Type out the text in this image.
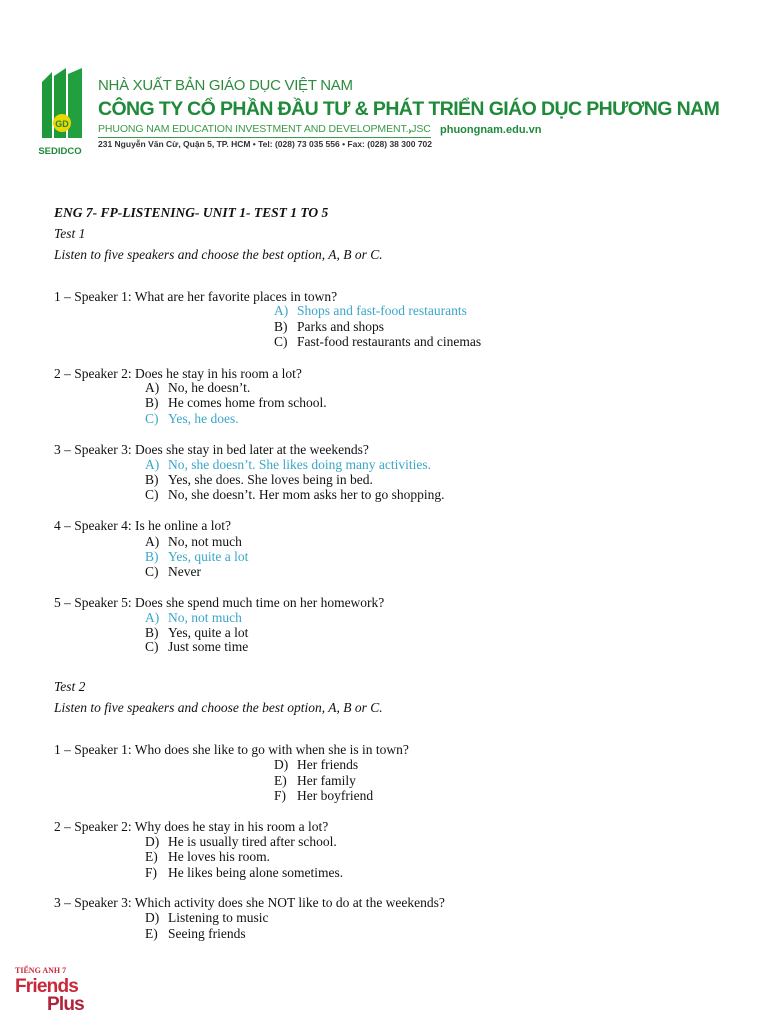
GD
SEDIDCO
NHÀ XUẤT BẢN GIÁO DỤC VIỆT NAM
CÔNG TY CỔ PHẦN ĐẦU TƯ & PHÁT TRIỂN GIÁO DỤC PHƯƠNG NAM
PHUONG NAM EDUCATION INVESTMENT AND DEVELOPMENT.,JSC
231 Nguyễn Văn Cừ, Quận 5, TP. HCM • Tel: (028) 73 035 556 • Fax: (028) 38 300 702
phuongnam.edu.vn
ENG 7- FP-LISTENING- UNIT 1- TEST 1 TO 5
Test 1
Listen to five speakers and choose the best option, A, B or C.
1 – Speaker 1: What are her favorite places in town?
A) Shops and fast-food restaurants
B) Parks and shops
C) Fast-food restaurants and cinemas
2 – Speaker 2: Does he stay in his room a lot?
A) No, he doesn’t.
B) He comes home from school.
C) Yes, he does.
3 – Speaker 3: Does she stay in bed later at the weekends?
A) No, she doesn’t. She likes doing many activities.
B) Yes, she does. She loves being in bed.
C) No, she doesn’t. Her mom asks her to go shopping.
4 – Speaker 4: Is he online a lot?
A) No, not much
B) Yes, quite a lot
C) Never
5 – Speaker 5: Does she spend much time on her homework?
A) No, not much
B) Yes, quite a lot
C) Just some time
Test 2
Listen to five speakers and choose the best option, A, B or C.
1 – Speaker 1: Who does she like to go with when she is in town?
D) Her friends
E) Her family
F) Her boyfriend
2 – Speaker 2: Why does he stay in his room a lot?
D) He is usually tired after school.
E) He loves his room.
F) He likes being alone sometimes.
3 – Speaker 3: Which activity does she NOT like to do at the weekends?
D) Listening to music
E) Seeing friends
TIẾNG ANH 7
Friends
Plus
